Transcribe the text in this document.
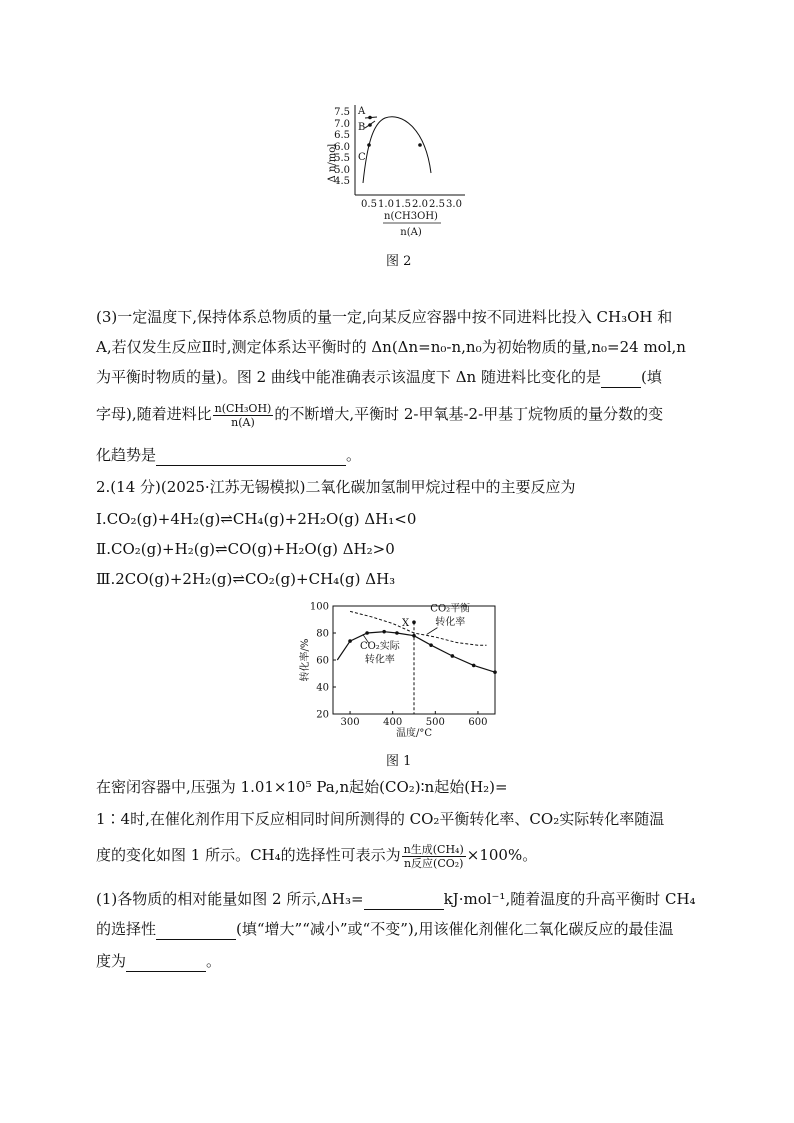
Δ n/mol
7.5
7.0
6.5
6.0
5.5
5.0
4.5
0.5 1.0 1.5 2.0 2.5 3.0
n(CH3OH)
n(A)
A
B
C
图 2
(3)一定温度下,保持体系总物质的量一定,向某反应容器中按不同进料比投入 CH₃OH 和
A,若仅发生反应Ⅱ时,测定体系达平衡时的 Δn(Δn=n₀-n,n₀为初始物质的量,n₀=24 mol,n
为平衡时物质的量)。图 2 曲线中能准确表示该温度下 Δn 随进料比变化的是	(填
字母),随着进料比 $\frac{\text{n(CH₃OH)}}{n(A)}$ 的不断增大,平衡时 2-甲氧基-2-甲基丁烷物质的量分数的变
化趋势是	。
2.(14 分)(2025·江苏无锡模拟)二氧化碳加氢制甲烷过程中的主要反应为
Ⅰ.CO₂(g)+4H₂(g)⇌CH₄(g)+2H₂O(g) ΔH₁<0
Ⅱ.CO₂(g)+H₂(g)⇌CO(g)+H₂O(g) ΔH₂>0
Ⅲ.2CO(g)+2H₂(g)⇌CO₂(g)+CH₄(g) ΔH₃
20
40
60
80
100
300 400 500 600
温度/°C
转化率/%
X
CO₂平衡
转化率
CO₂实际
转化率
图 1
在密闭容器中,压强为 1.01×10⁵ Pa,n起始(CO₂)∶n起始(H₂)=
1∶4时,在催化剂作用下反应相同时间所测得的 CO₂平衡转化率、CO₂实际转化率随温
度的变化如图 1 所示。CH₄的选择性可表示为 $\frac{\text{n生成(CH₄)}}{\text{n反应(CO₂)}} \times 100\%$。
(1)各物质的相对能量如图 2 所示,ΔH₃=	kJ·mol⁻¹,随着温度的升高平衡时 CH₄
的选择性	(填“增大”“减小”或“不变”),用该催化剂催化二氧化碳反应的最佳温
度为	。
